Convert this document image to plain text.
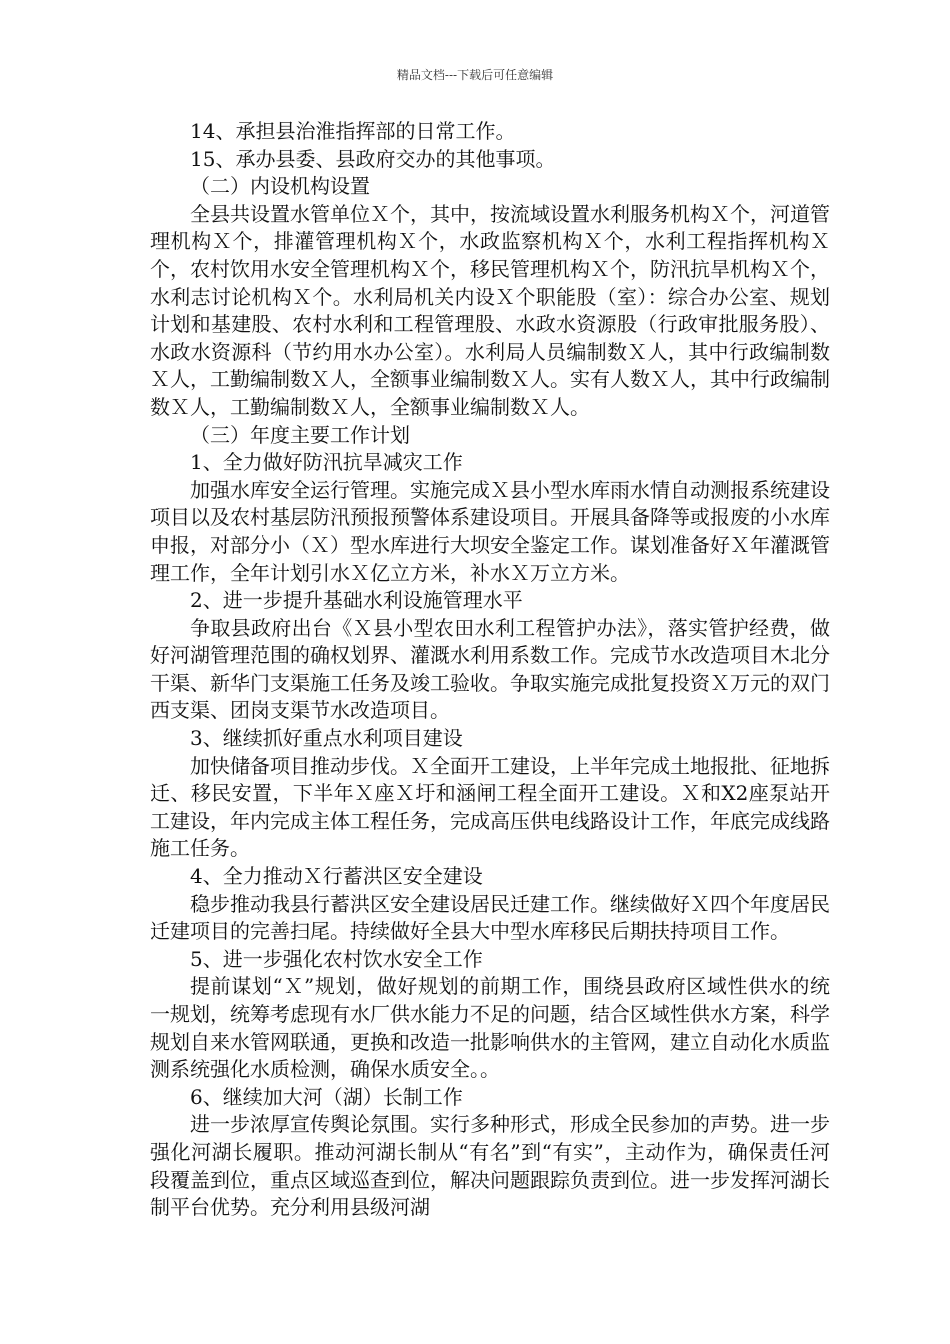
精品文档---下载后可任意编辑

14、承担县治淮指挥部的日常工作。

15、承办县委、县政府交办的其他事项。

（二）内设机构设置

全县共设置水管单位Ｘ个，其中，按流域设置水利服务机构Ｘ个，河道管理机构Ｘ个，排灌管理机构Ｘ个，水政监察机构Ｘ个，水利工程指挥机构Ｘ个，农村饮用水安全管理机构Ｘ个，移民管理机构Ｘ个，防汛抗旱机构Ｘ个，水利志讨论机构Ｘ个。水利局机关内设Ｘ个职能股（室）：综合办公室、规划计划和基建股、农村水利和工程管理股、水政水资源股（行政审批服务股）、水政水资源科（节约用水办公室）。水利局人员编制数Ｘ人，其中行政编制数Ｘ人，工勤编制数Ｘ人，全额事业编制数Ｘ人。实有人数Ｘ人，其中行政编制数Ｘ人，工勤编制数Ｘ人，全额事业编制数Ｘ人。

（三）年度主要工作计划

1、全力做好防汛抗旱减灾工作

加强水库安全运行管理。实施完成Ｘ县小型水库雨水情自动测报系统建设项目以及农村基层防汛预报预警体系建设项目。开展具备降等或报废的小水库申报，对部分小（Ｘ）型水库进行大坝安全鉴定工作。谋划准备好Ｘ年灌溉管理工作，全年计划引水Ｘ亿立方米，补水Ｘ万立方米。

2、进一步提升基础水利设施管理水平

争取县政府出台《Ｘ县小型农田水利工程管护办法》，落实管护经费，做好河湖管理范围的确权划界、灌溉水利用系数工作。完成节水改造项目木北分干渠、新华门支渠施工任务及竣工验收。争取实施完成批复投资Ｘ万元的双门西支渠、团岗支渠节水改造项目。

3、继续抓好重点水利项目建设

加快储备项目推动步伐。Ｘ全面开工建设，上半年完成土地报批、征地拆迁、移民安置，下半年Ｘ座Ｘ圩和涵闸工程全面开工建设。Ｘ和X2座泵站开工建设，年内完成主体工程任务，完成高压供电线路设计工作，年底完成线路施工任务。

4、全力推动Ｘ行蓄洪区安全建设

稳步推动我县行蓄洪区安全建设居民迁建工作。继续做好Ｘ四个年度居民迁建项目的完善扫尾。持续做好全县大中型水库移民后期扶持项目工作。

5、进一步强化农村饮水安全工作

提前谋划“Ｘ”规划，做好规划的前期工作，围绕县政府区域性供水的统一规划，统筹考虑现有水厂供水能力不足的问题，结合区域性供水方案，科学规划自来水管网联通，更换和改造一批影响供水的主管网，建立自动化水质监测系统强化水质检测，确保水质安全。。

6、继续加大河（湖）长制工作

进一步浓厚宣传舆论氛围。实行多种形式，形成全民参加的声势。进一步强化河湖长履职。推动河湖长制从“有名”到“有实”，主动作为，确保责任河段覆盖到位，重点区域巡查到位，解决问题跟踪负责到位。进一步发挥河湖长制平台优势。充分利用县级河湖
